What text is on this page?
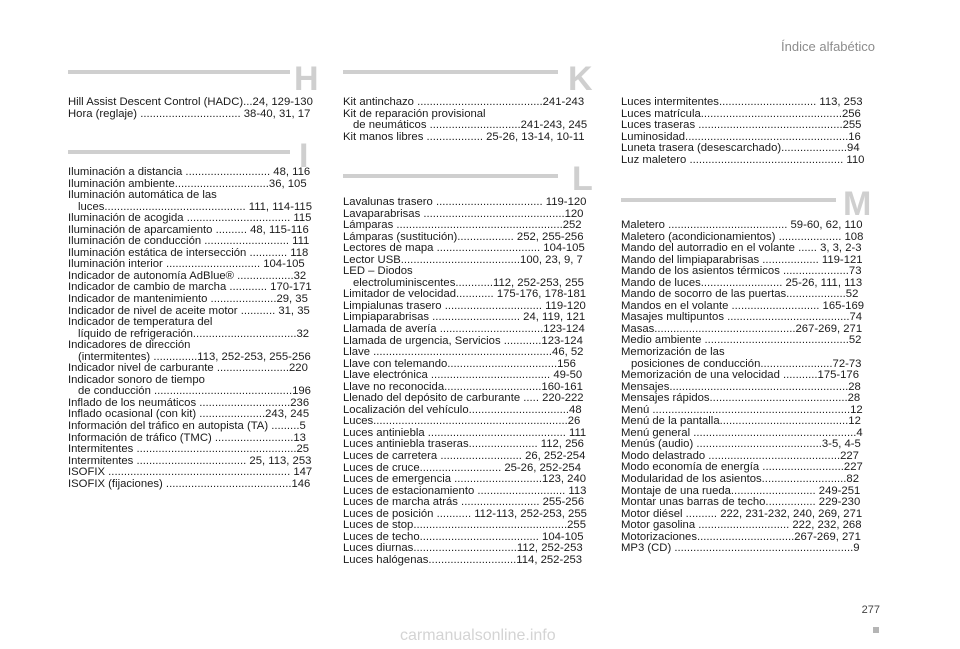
Índice alfabético
H
Hill Assist Descent Control (HADC)...24, 129-130
Hora (reglaje) ................................ 38-40, 31, 17
I
Iluminación a distancia ........................... 48, 116
Iluminación ambiente..............................36, 105
Iluminación automática de las
luces............................................. 111, 114-115
Iluminación de acogida ................................. 115
Iluminación de aparcamiento .......... 48, 115-116
Iluminación de conducción ........................... 111
Iluminación estática de intersección ............ 118
Iluminación interior .............................. 104-105
Indicador de autonomía AdBlue® ..................32
Indicador de cambio de marcha ............ 170-171
Indicador de mantenimiento .....................29, 35
Indicador de nivel de aceite motor ........... 31, 35
Indicador de temperatura del
líquido de refrigeración.................................32
Indicadores de dirección
(intermitentes) ..............113, 252-253, 255-256
Indicador nivel de carburante .......................220
Indicador sonoro de tiempo
de conducción ............................................196
Inflado de los neumáticos .............................236
Inflado ocasional (con kit) .....................243, 245
Información del tráfico en autopista (TA) .........5
Información de tráfico (TMC) .........................13
Intermitentes ...................................................25
Intermitentes ................................... 25, 113, 253
ISOFIX .......................................................... 147
ISOFIX (fijaciones) ........................................146
K
Kit antinchazo ........................................241-243
Kit de reparación provisional
de neumáticos .............................241-243, 245
Kit manos libres .................. 25-26, 13-14, 10-11
L
Lavalunas trasero .................................. 119-120
Lavaparabrisas .............................................120
Lámparas .....................................................252
Lámparas (sustitución).................. 252, 255-256
Lectores de mapa ................................. 104-105
Lector USB......................................100, 23, 9, 7
LED – Diodos
electroluminiscentes............112, 252-253, 255
Limitador de velocidad............ 175-176, 178-181
Limpialunas trasero ............................... 119-120
Limpiaparabrisas ............................ 24, 119, 121
Llamada de avería .................................123-124
Llamada de urgencia, Servicios ............123-124
Llave .........................................................46, 52
Llave con telemando...................................156
Llave electrónica ...................................... 49-50
Llave no reconocida...............................160-161
Llenado del depósito de carburante ..... 220-222
Localización del vehículo................................48
Luces..............................................................26
Luces antiniebla ............................................ 111
Luces antiniebla traseras...................... 112, 256
Luces de carretera .......................... 26, 252-254
Luces de cruce.......................... 25-26, 252-254
Luces de emergencia ............................123, 240
Luces de estacionamiento ............................ 113
Luces de marcha atrás ......................... 255-256
Luces de posición ........... 112-113, 252-253, 255
Luces de stop.................................................255
Luces de techo...................................... 104-105
Luces diurnas.................................112, 252-253
Luces halógenas............................114, 252-253
Luces intermitentes............................... 113, 253
Luces matrícula.............................................256
Luces traseras ..............................................255
Luminosidad....................................................16
Luneta trasera (desescarchado).....................94
Luz maletero ................................................. 110
M
Maletero ...................................... 59-60, 62, 110
Maletero (acondicionamientos) .................... 108
Mando del autorradio en el volante ...... 3, 3, 2-3
Mando del limpiaparabrisas .................. 119-121
Mando de los asientos térmicos .....................73
Mando de luces.......................... 25-26, 111, 113
Mando de socorro de las puertas...................52
Mandos en el volante ............................ 165-169
Masajes multipuntos .......................................74
Masas.............................................267-269, 271
Medio ambiente ..............................................52
Memorización de las
posiciones de conducción.......................72-73
Memorización de una velocidad ...........175-176
Mensajes.........................................................28
Mensajes rápidos............................................28
Menú ...............................................................12
Menú de la pantalla.........................................12
Menú general ....................................................4
Menús (audio) ........................................3-5, 4-5
Modo delastrado ..........................................227
Modo economía de energía ..........................227
Modularidad de los asientos...........................82
Montaje de una rueda........................... 249-251
Montar unas barras de techo................ 229-230
Motor diésel .......... 222, 231-232, 240, 269, 271
Motor gasolina ............................. 222, 232, 268
Motorizaciones...............................267-269, 271
MP3 (CD) .........................................................9
277
carmanualsonline.info
